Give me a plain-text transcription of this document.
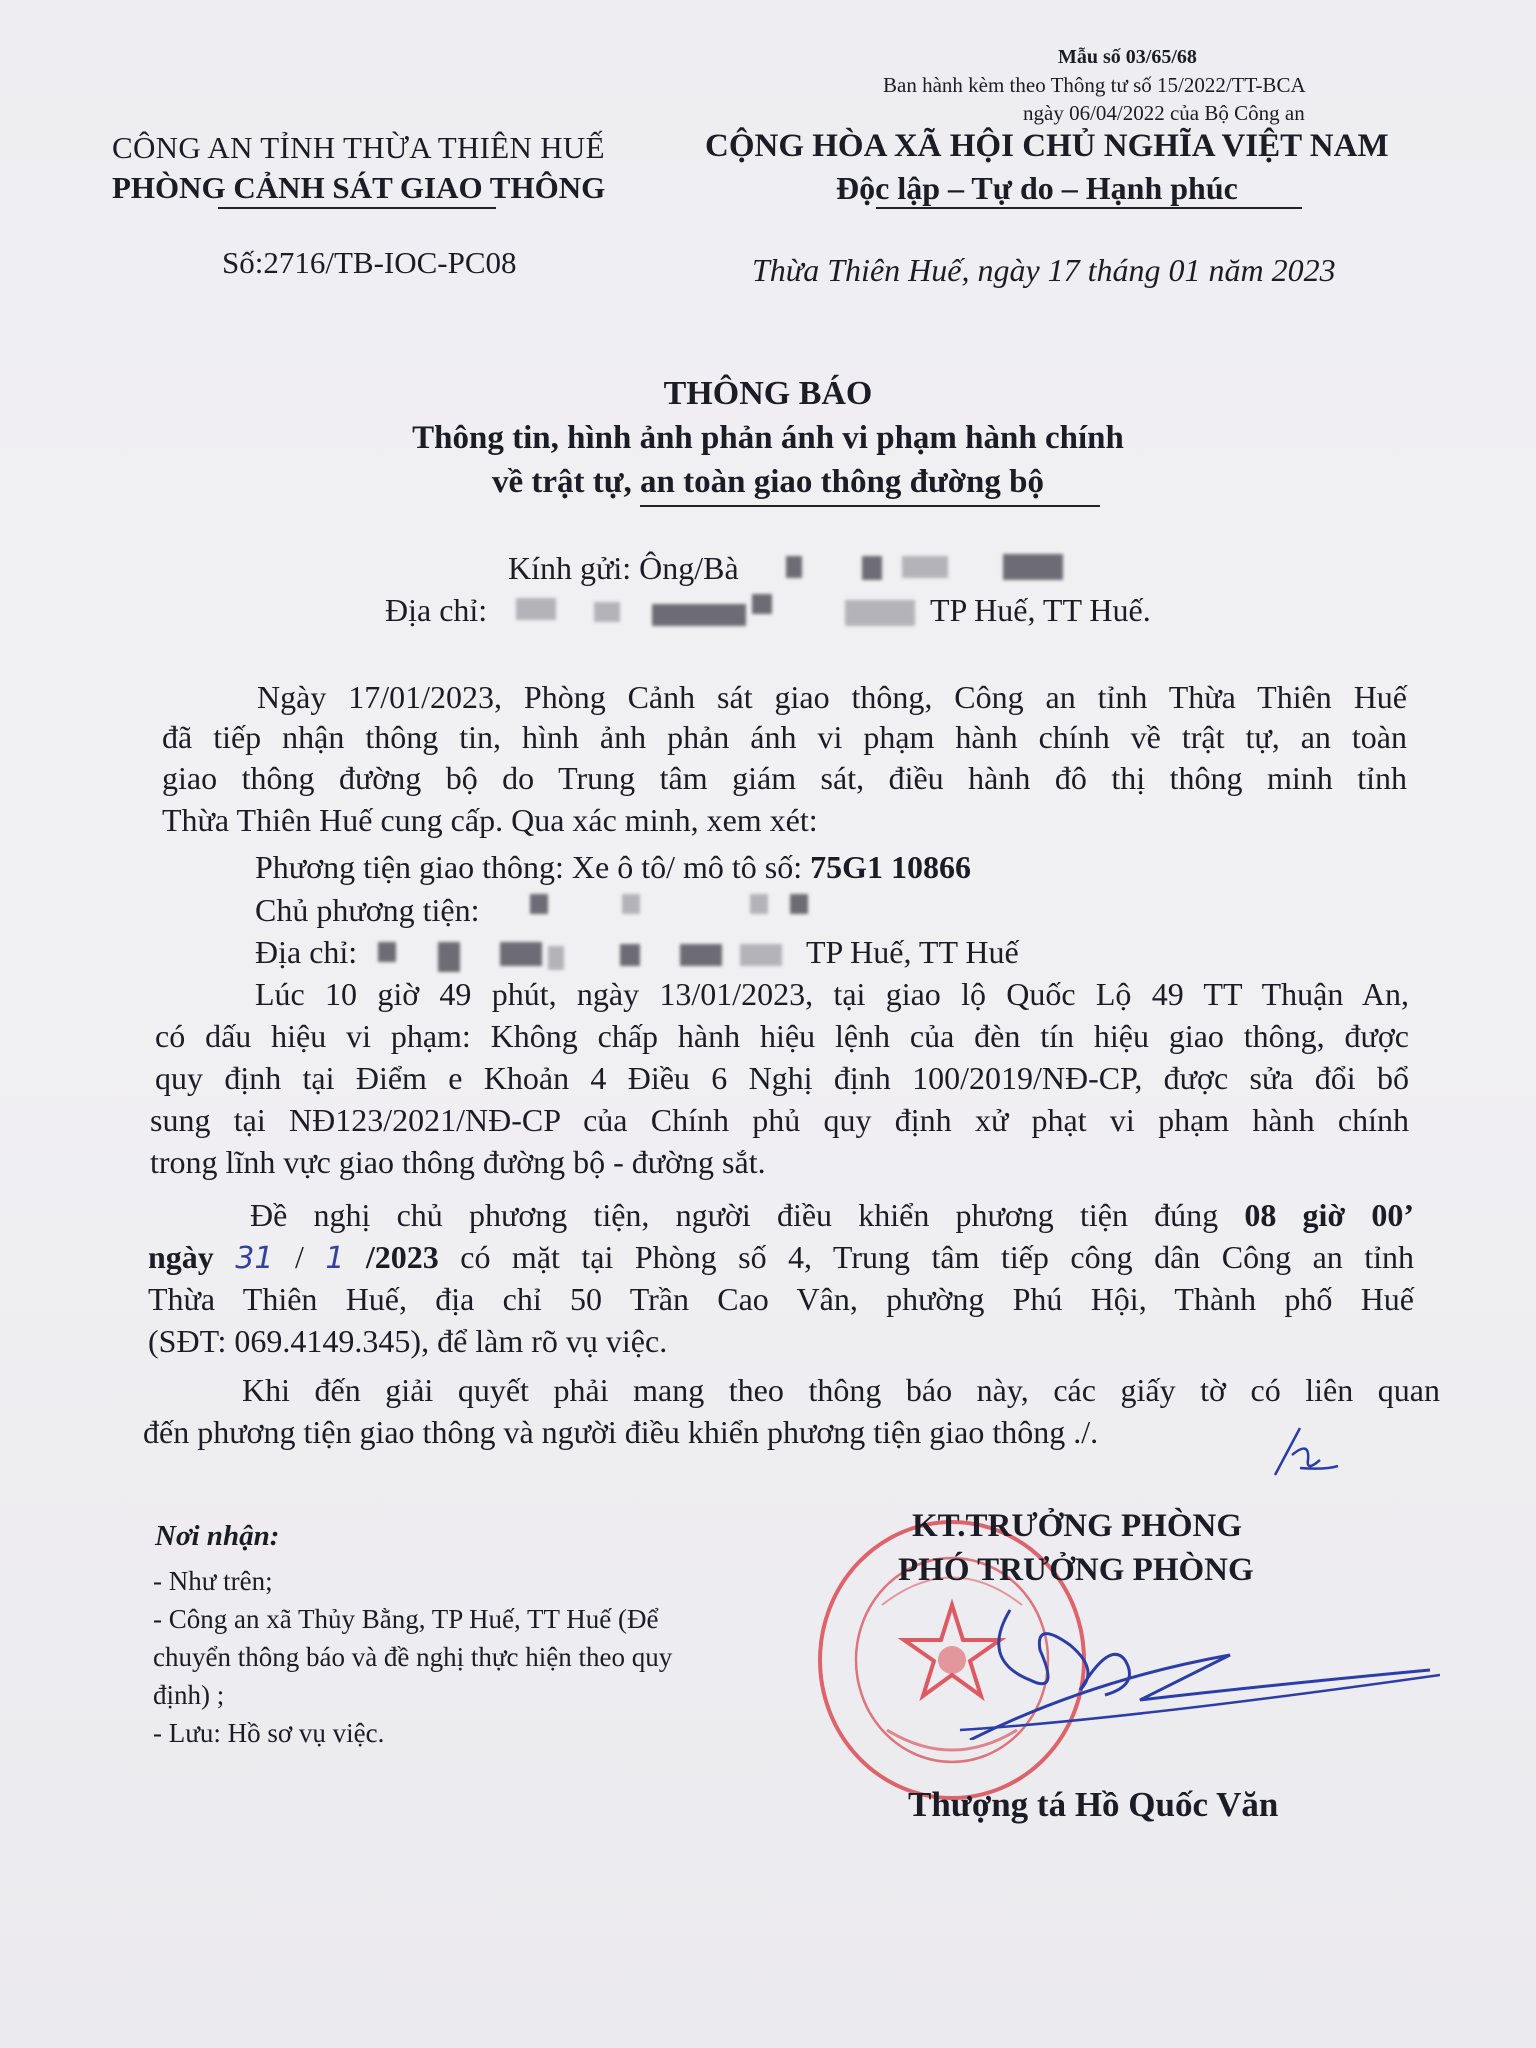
Mẫu số 03/65/68
Ban hành kèm theo Thông tư số 15/2022/TT-BCA
ngày 06/04/2022 của Bộ Công an
CÔNG AN TỈNH THỪA THIÊN HUẾ
PHÒNG CẢNH SÁT GIAO THÔNG
Số:2716/TB-IOC-PC08
CỘNG HÒA XÃ HỘI CHỦ NGHĨA VIỆT NAM
Độc lập – Tự do – Hạnh phúc
Thừa Thiên Huế, ngày 17 tháng 01 năm 2023
THÔNG BÁO
Thông tin, hình ảnh phản ánh vi phạm hành chính
về trật tự, an toàn giao thông đường bộ
Kính gửi: Ông/Bà
Địa chỉ:	TP Huế, TT Huế.
Ngày 17/01/2023, Phòng Cảnh sát giao thông, Công an tỉnh Thừa Thiên Huế
đã tiếp nhận thông tin, hình ảnh phản ánh vi phạm hành chính về trật tự, an toàn
giao thông đường bộ do Trung tâm giám sát, điều hành đô thị thông minh tỉnh
Thừa Thiên Huế cung cấp. Qua xác minh, xem xét:
Phương tiện giao thông: Xe ô tô/ mô tô số: 75G1 10866
Chủ phương tiện:
Địa chỉ:	TP Huế, TT Huế
Lúc 10 giờ 49 phút, ngày 13/01/2023, tại giao lộ Quốc Lộ 49 TT Thuận An,
có dấu hiệu vi phạm: Không chấp hành hiệu lệnh của đèn tín hiệu giao thông, được
quy định tại Điểm e Khoản 4 Điều 6 Nghị định 100/2019/NĐ-CP, được sửa đổi bổ
sung tại NĐ123/2021/NĐ-CP của Chính phủ quy định xử phạt vi phạm hành chính
trong lĩnh vực giao thông đường bộ - đường sắt.
Đề nghị chủ phương tiện, người điều khiển phương tiện đúng 08 giờ 00’
ngày 31 / 1 /2023 có mặt tại Phòng số 4, Trung tâm tiếp công dân Công an tỉnh
Thừa Thiên Huế, địa chỉ 50 Trần Cao Vân, phường Phú Hội, Thành phố Huế
(SĐT: 069.4149.345), để làm rõ vụ việc.
Khi đến giải quyết phải mang theo thông báo này, các giấy tờ có liên quan
đến phương tiện giao thông và người điều khiển phương tiện giao thông ./.
Nơi nhận:
- Như trên;
- Công an xã Thủy Bằng, TP Huế, TT Huế (Để
chuyển thông báo và đề nghị thực hiện theo quy
định) ;
- Lưu: Hồ sơ vụ việc.
KT.TRƯỞNG PHÒNG
PHÓ TRƯỞNG PHÒNG
Thượng tá Hồ Quốc Văn
